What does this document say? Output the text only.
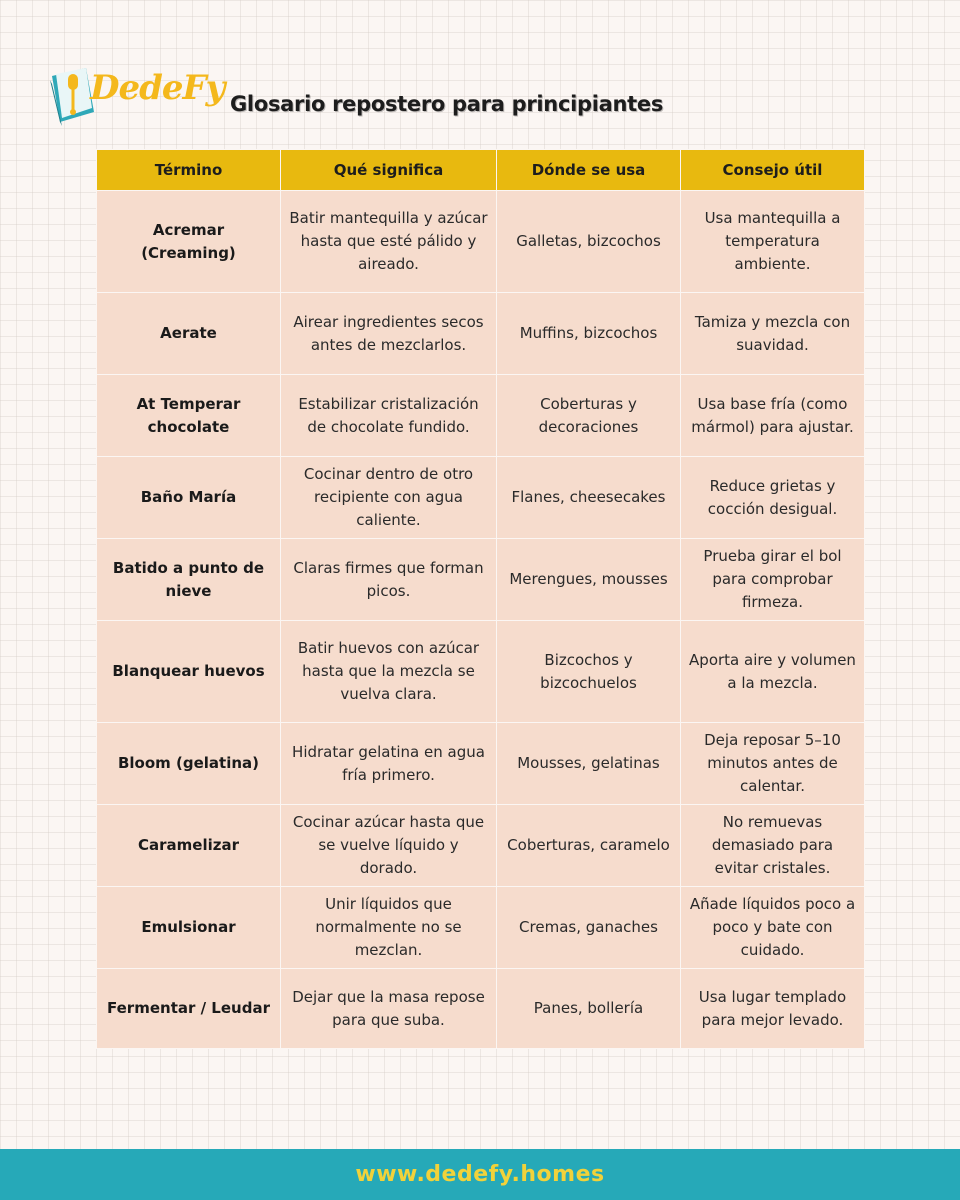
DedeFy Glosario repostero para principiantes
Término	Qué significa	Dónde se usa	Consejo útil
Acremar (Creaming)	Batir mantequilla y azúcar hasta que esté pálido y aireado.	Galletas, bizcochos	Usa mantequilla a temperatura ambiente.
Aerate	Airear ingredientes secos antes de mezclarlos.	Muffins, bizcochos	Tamiza y mezcla con suavidad.
At Temperar chocolate	Estabilizar cristalización de chocolate fundido.	Coberturas y decoraciones	Usa base fría (como mármol) para ajustar.
Baño María	Cocinar dentro de otro recipiente con agua caliente.	Flanes, cheesecakes	Reduce grietas y cocción desigual.
Batido a punto de nieve	Claras firmes que forman picos.	Merengues, mousses	Prueba girar el bol para comprobar firmeza.
Blanquear huevos	Batir huevos con azúcar hasta que la mezcla se vuelva clara.	Bizcochos y bizcochuelos	Aporta aire y volumen a la mezcla.
Bloom (gelatina)	Hidratar gelatina en agua fría primero.	Mousses, gelatinas	Deja reposar 5–10 minutos antes de calentar.
Caramelizar	Cocinar azúcar hasta que se vuelve líquido y dorado.	Coberturas, caramelo	No remuevas demasiado para evitar cristales.
Emulsionar	Unir líquidos que normalmente no se mezclan.	Cremas, ganaches	Añade líquidos poco a poco y bate con cuidado.
Fermentar / Leudar	Dejar que la masa repose para que suba.	Panes, bollería	Usa lugar templado para mejor levado.
www.dedefy.homes
